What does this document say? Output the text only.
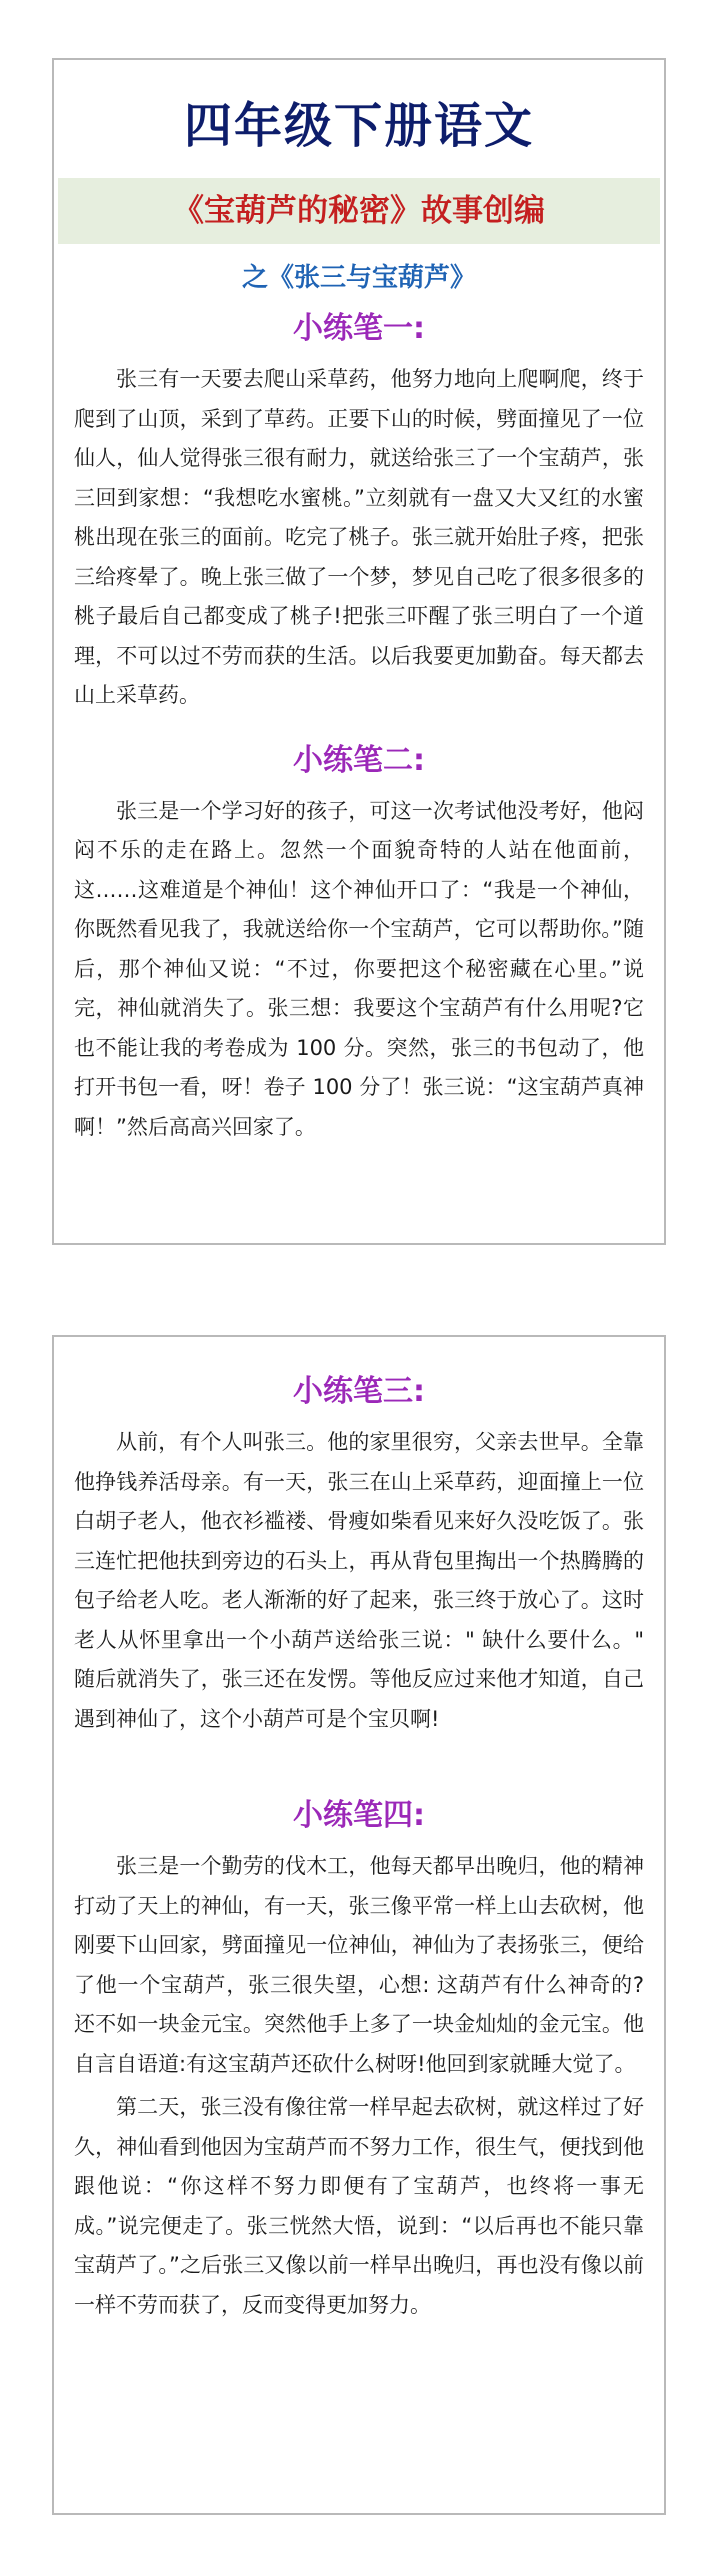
四年级下册语文
《宝葫芦的秘密》故事创编
之《张三与宝葫芦》
小练笔一:

张三有一天要去爬山采草药，他努力地向上爬啊爬，终于爬到了山顶，采到了草药。正要下山的时候，劈面撞见了一位仙人，仙人觉得张三很有耐力，就送给张三了一个宝葫芦，张三回到家想：“我想吃水蜜桃。”立刻就有一盘又大又红的水蜜桃出现在张三的面前。吃完了桃子。张三就开始肚子疼，把张三给疼晕了。晚上张三做了一个梦，梦见自己吃了很多很多的桃子最后自己都变成了桃子!把张三吓醒了张三明白了一个道理，不可以过不劳而获的生活。以后我要更加勤奋。每天都去山上采草药。

小练笔二:

张三是一个学习好的孩子，可这一次考试他没考好，他闷闷不乐的走在路上。忽然一个面貌奇特的人站在他面前，这……这难道是个神仙！这个神仙开口了：“我是一个神仙，你既然看见我了，我就送给你一个宝葫芦，它可以帮助你。”随后，那个神仙又说：“不过，你要把这个秘密藏在心里。”说完，神仙就消失了。张三想：我要这个宝葫芦有什么用呢?它也不能让我的考卷成为 100 分。突然，张三的书包动了，他打开书包一看，呀！卷子 100 分了！张三说：“这宝葫芦真神啊！”然后高高兴回家了。

小练笔三:

从前，有个人叫张三。他的家里很穷，父亲去世早。全靠他挣钱养活母亲。有一天，张三在山上采草药，迎面撞上一位白胡子老人，他衣衫褴褛、骨瘦如柴看见来好久没吃饭了。张三连忙把他扶到旁边的石头上，再从背包里掏出一个热腾腾的包子给老人吃。老人渐渐的好了起来，张三终于放心了。这时老人从怀里拿出一个小葫芦送给张三说：" 缺什么要什么。" 随后就消失了，张三还在发愣。等他反应过来他才知道，自己遇到神仙了，这个小葫芦可是个宝贝啊!

小练笔四:

张三是一个勤劳的伐木工，他每天都早出晚归，他的精神打动了天上的神仙，有一天，张三像平常一样上山去砍树，他刚要下山回家，劈面撞见一位神仙，神仙为了表扬张三，便给了他一个宝葫芦，张三很失望，心想: 这葫芦有什么神奇的?还不如一块金元宝。突然他手上多了一块金灿灿的金元宝。他自言自语道:有这宝葫芦还砍什么树呀!他回到家就睡大觉了。

第二天，张三没有像往常一样早起去砍树，就这样过了好久，神仙看到他因为宝葫芦而不努力工作，很生气，便找到他跟他说：“你这样不努力即便有了宝葫芦，也终将一事无成。”说完便走了。张三恍然大悟，说到：“以后再也不能只靠宝葫芦了。”之后张三又像以前一样早出晚归，再也没有像以前一样不劳而获了，反而变得更加努力。
